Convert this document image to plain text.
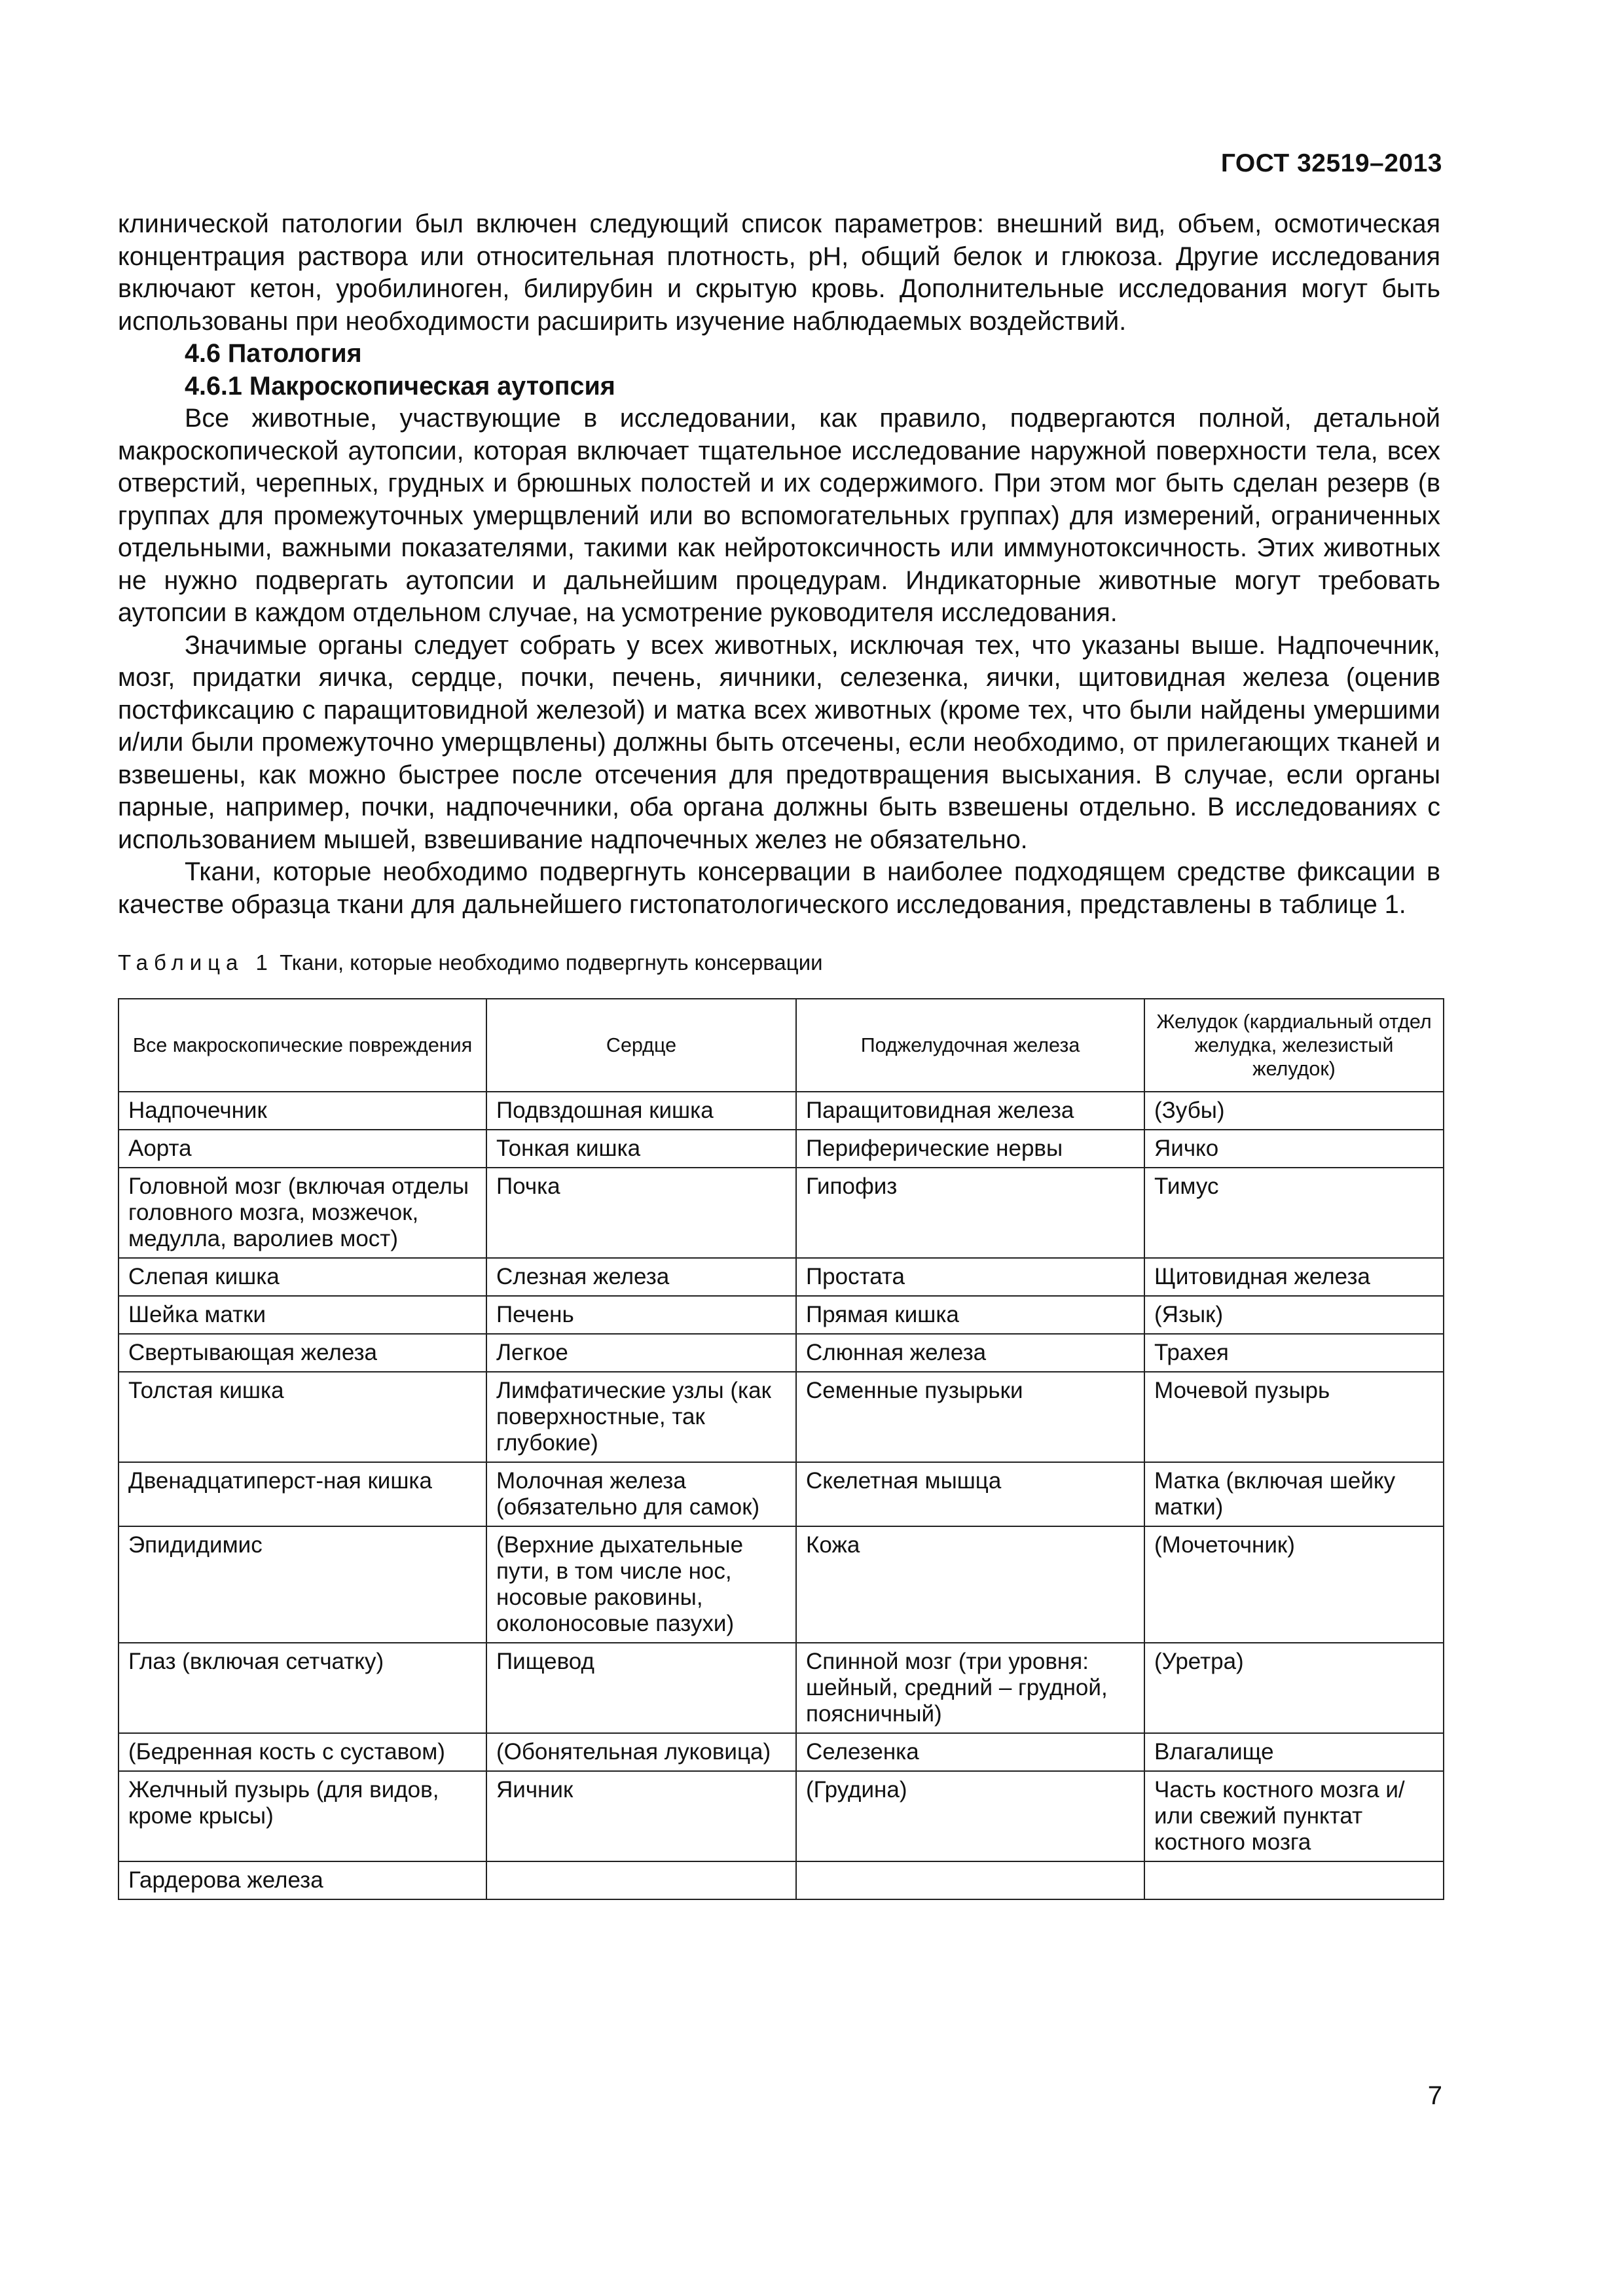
ГОСТ 32519–2013

клинической патологии был включен следующий список параметров: внешний вид, объем, осмотическая концентрация раствора или относительная плотность, pH, общий белок и глюкоза. Другие исследования включают кетон, уробилиноген, билирубин и скрытую кровь. Дополнительные исследования могут быть использованы при необходимости расширить изучение наблюдаемых воздействий.

4.6 Патология

4.6.1 Макроскопическая аутопсия

Все животные, участвующие в исследовании, как правило, подвергаются полной, детальной макроскопической аутопсии, которая включает тщательное исследование наружной поверхности тела, всех отверстий, черепных, грудных и брюшных полостей и их содержимого. При этом мог быть сделан резерв (в группах для промежуточных умерщвлений или во вспомогательных группах) для измерений, ограниченных отдельными, важными показателями, такими как нейротоксичность или иммунотоксичность. Этих животных не нужно подвергать аутопсии и дальнейшим процедурам. Индикаторные животные могут требовать аутопсии в каждом отдельном случае, на усмотрение руководителя исследования.

Значимые органы следует собрать у всех животных, исключая тех, что указаны выше. Надпочечник, мозг, придатки яичка, сердце, почки, печень, яичники, селезенка, яички, щитовидная железа (оценив постфиксацию с паращитовидной железой) и матка всех животных (кроме тех, что были найдены умершими и/или были промежуточно умерщвлены) должны быть отсечены, если необходимо, от прилегающих тканей и взвешены, как можно быстрее после отсечения для предотвращения высыхания. В случае, если органы парные, например, почки, надпочечники, оба органа должны быть взвешены отдельно. В исследованиях с использованием мышей, взвешивание надпочечных желез не обязательно.

Ткани, которые необходимо подвергнуть консервации в наиболее подходящем средстве фиксации в качестве образца ткани для дальнейшего гистопатологического исследования, представлены в таблице 1.

Таблица 1 Ткани, которые необходимо подвергнуть консервации
Все макроскопические повреждения	Сердце	Поджелудочная железа	Желудок (кардиальный отдел желудка, железистый желудок)
Надпочечник	Подвздошная кишка	Паращитовидная железа	(Зубы)
Аорта	Тонкая кишка	Периферические нервы	Яичко
Головной мозг (включая отделы головного мозга, мозжечок, медулла, варолиев мост)	Почка	Гипофиз	Тимус
Слепая кишка	Слезная железа	Простата	Щитовидная железа
Шейка матки	Печень	Прямая кишка	(Язык)
Свертывающая железа	Легкое	Слюнная железа	Трахея
Толстая кишка	Лимфатические узлы (как поверхностные, так глубокие)	Семенные пузырьки	Мочевой пузырь
Двенадцатиперст-ная кишка	Молочная железа (обязательно для самок)	Скелетная мышца	Матка (включая шейку матки)
Эпидидимис	(Верхние дыхательные пути, в том числе нос, носовые раковины, околоносовые пазухи)	Кожа	(Мочеточник)
Глаз (включая сетчатку)	Пищевод	Спинной мозг (три уровня: шейный, средний – грудной, поясничный)	(Уретра)
(Бедренная кость с суставом)	(Обонятельная луковица)	Селезенка	Влагалище
Желчный пузырь (для видов, кроме крысы)	Яичник	(Грудина)	Часть костного мозга и/или свежий пунктат костного мозга
Гардерова железа			
7
